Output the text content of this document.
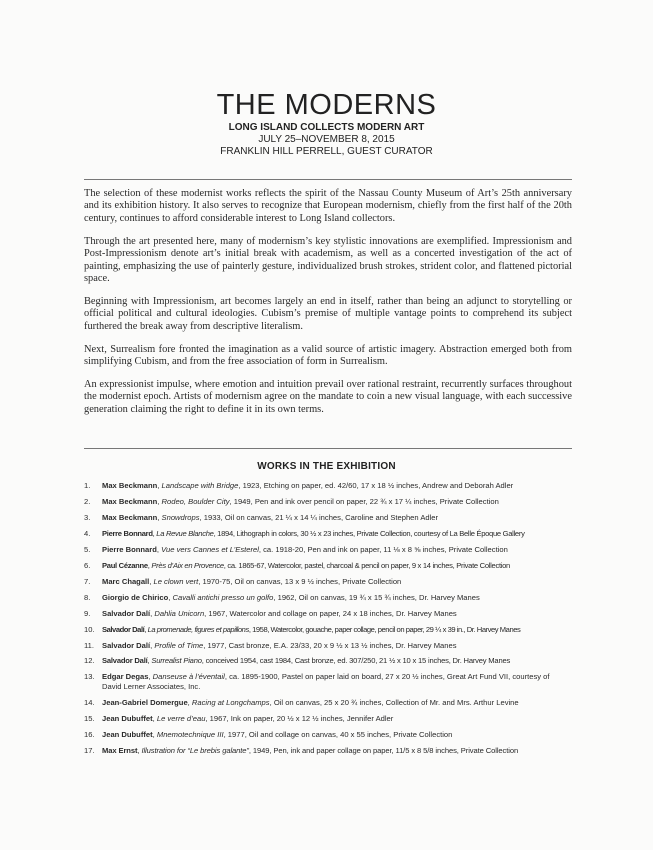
THE MODERNS
LONG ISLAND COLLECTS MODERN ART
JULY 25–NOVEMBER 8, 2015
FRANKLIN HILL PERRELL, GUEST CURATOR

The selection of these modernist works reflects the spirit of the Nassau County Museum of Art’s 25th anniversary and its exhibition history. It also serves to recognize that European modernism, chiefly from the first half of the 20th century, continues to afford considerable interest to Long Island collectors.

Through the art presented here, many of modernism’s key stylistic innovations are exemplified. Impressionism and Post-Impressionism denote art’s initial break with academism, as well as a concerted investigation of the act of painting, emphasizing the use of painterly gesture, individualized brush strokes, strident color, and flattened pictorial space.

Beginning with Impressionism, art becomes largely an end in itself, rather than being an adjunct to storytelling or official political and cultural ideologies. Cubism’s premise of multiple vantage points to comprehend its subject furthered the break away from descriptive literalism.

Next, Surrealism fore fronted the imagination as a valid source of artistic imagery. Abstraction emerged both from simplifying Cubism, and from the free association of form in Surrealism.

An expressionist impulse, where emotion and intuition prevail over rational restraint, recurrently surfaces throughout the modernist epoch. Artists of modernism agree on the mandate to coin a new visual language, with each successive generation claiming the right to define it in its own terms.

WORKS IN THE EXHIBITION
1. Max Beckmann, Landscape with Bridge, 1923, Etching on paper, ed. 42/60, 17 x 18 ½ inches, Andrew and Deborah Adler
2. Max Beckmann, Rodeo, Boulder City, 1949, Pen and ink over pencil on paper, 22 ¾ x 17 ¼ inches, Private Collection
3. Max Beckmann, Snowdrops, 1933, Oil on canvas, 21 ¼ x 14 ¼ inches, Caroline and Stephen Adler
4. Pierre Bonnard, La Revue Blanche, 1894, Lithograph in colors, 30 ½ x 23 inches, Private Collection, courtesy of La Belle Époque Gallery
5. Pierre Bonnard, Vue vers Cannes et L’Esterel, ca. 1918-20, Pen and ink on paper, 11 ⅛ x 8 ⅝ inches, Private Collection
6. Paul Cézanne, Près d’Aix en Provence, ca. 1865-67, Watercolor, pastel, charcoal & pencil on paper, 9 x 14 inches, Private Collection
7. Marc Chagall, Le clown vert, 1970-75, Oil on canvas, 13 x 9 ½ inches, Private Collection
8. Giorgio de Chirico, Cavalli antichi presso un golfo, 1962, Oil on canvas, 19 ¾ x 15 ¾ inches, Dr. Harvey Manes
9. Salvador Dalí, Dahlia Unicorn, 1967, Watercolor and collage on paper, 24 x 18 inches, Dr. Harvey Manes
10. Salvador Dalí, La promenade, figures et papillons, 1958, Watercolor, gouache, paper collage, pencil on paper, 29 ¼ x 39 in., Dr. Harvey Manes
11. Salvador Dalí, Profile of Time, 1977, Cast bronze, E.A. 23/33, 20 x 9 ½ x 13 ½ inches, Dr. Harvey Manes
12. Salvador Dalí, Surrealist Piano, conceived 1954, cast 1984, Cast bronze, ed. 307/250, 21 ½ x 10 x 15 inches, Dr. Harvey Manes
13. Edgar Degas, Danseuse à l’éventail, ca. 1895-1900, Pastel on paper laid on board, 27 x 20 ½ inches, Great Art Fund VII, courtesy of David Lerner Associates, Inc.
14. Jean-Gabriel Domergue, Racing at Longchamps, Oil on canvas, 25 x 20 ¾ inches, Collection of Mr. and Mrs. Arthur Levine
15. Jean Dubuffet, Le verre d’eau, 1967, Ink on paper, 20 ½ x 12 ½ inches, Jennifer Adler
16. Jean Dubuffet, Mnemotechnique III, 1977, Oil and collage on canvas, 40 x 55 inches, Private Collection
17. Max Ernst, Illustration for “Le brebis galante”, 1949, Pen, ink and paper collage on paper, 11/5 x 8 5/8 inches, Private Collection
